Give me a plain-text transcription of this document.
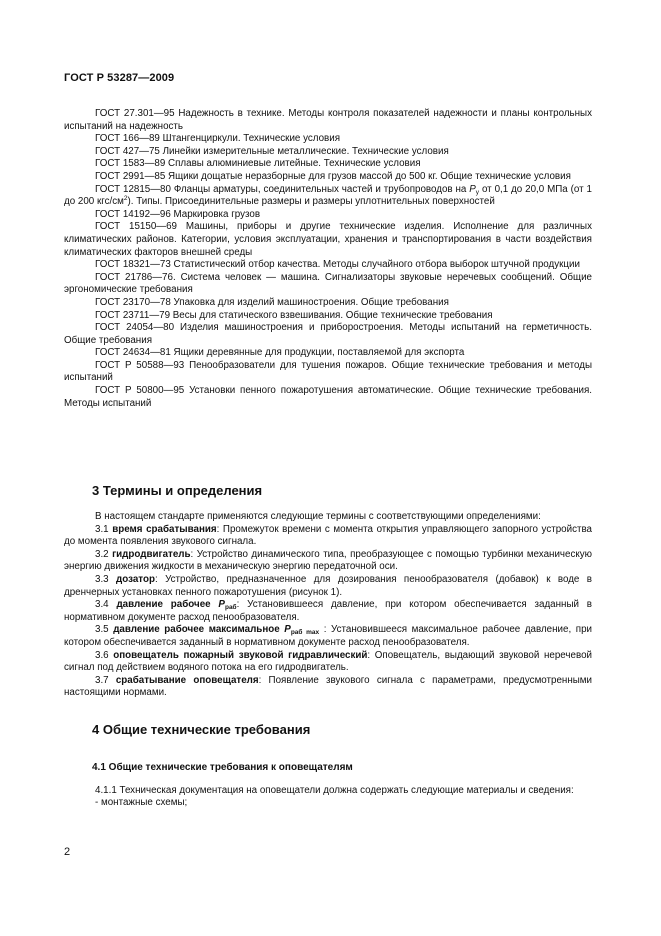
ГОСТ Р 53287—2009

ГОСТ 27.301—95 Надежность в технике. Методы контроля показателей надежности и планы контрольных испытаний на надежность

ГОСТ 166—89 Штангенциркули. Технические условия

ГОСТ 427—75 Линейки измерительные металлические. Технические условия

ГОСТ 1583—89 Сплавы алюминиевые литейные. Технические условия

ГОСТ 2991—85 Ящики дощатые неразборные для грузов массой до 500 кг. Общие технические условия

ГОСТ 12815—80 Фланцы арматуры, соединительных частей и трубопроводов на $P_у$ от 0,1 до 20,0 МПа (от 1 до 200 кгс/$см^2$). Типы. Присоединительные размеры и размеры уплотнительных поверхностей

ГОСТ 14192—96 Маркировка грузов

ГОСТ 15150—69 Машины, приборы и другие технические изделия. Исполнение для различных климатических районов. Категории, условия эксплуатации, хранения и транспортирования в части воздействия климатических факторов внешней среды

ГОСТ 18321—73 Статистический отбор качества. Методы случайного отбора выборок штучной продукции

ГОСТ 21786—76. Система человек — машина. Сигнализаторы звуковые неречевых сообщений. Общие эргономические требования

ГОСТ 23170—78 Упаковка для изделий машиностроения. Общие требования

ГОСТ 23711—79 Весы для статического взвешивания. Общие технические требования

ГОСТ 24054—80 Изделия машиностроения и приборостроения. Методы испытаний на герметичность. Общие требования

ГОСТ 24634—81 Ящики деревянные для продукции, поставляемой для экспорта

ГОСТ Р 50588—93 Пенообразователи для тушения пожаров. Общие технические требования и методы испытаний

ГОСТ Р 50800—95 Установки пенного пожаротушения автоматические. Общие технические требования. Методы испытаний

3 Термины и определения

В настоящем стандарте применяются следующие термины с соответствующими определениями:

3.1 время срабатывания: Промежуток времени с момента открытия управляющего запорного устройства до момента появления звукового сигнала.

3.2 гидродвигатель: Устройство динамического типа, преобразующее с помощью турбинки механическую энергию движения жидкости в механическую энергию передаточной оси.

3.3 дозатор: Устройство, предназначенное для дозирования пенообразователя (добавок) к воде в дренчерных установках пенного пожаротушения (рисунок 1).

3.4 давление рабочее $P_{раб}$: Установившееся давление, при котором обеспечивается заданный в нормативном документе расход пенообразователя.

3.5 давление рабочее максимальное $P_{раб max}$ : Установившееся максимальное рабочее давление, при котором обеспечивается заданный в нормативном документе расход пенообразователя.

3.6 оповещатель пожарный звуковой гидравлический: Оповещатель, выдающий звуковой неречевой сигнал под действием водяного потока на его гидродвигатель.

3.7 срабатывание оповещателя: Появление звукового сигнала с параметрами, предусмотренными настоящими нормами.

4 Общие технические требования
4.1 Общие технические требования к оповещателям

4.1.1 Техническая документация на оповещатели должна содержать следующие материалы и сведения:

- монтажные схемы;

2
